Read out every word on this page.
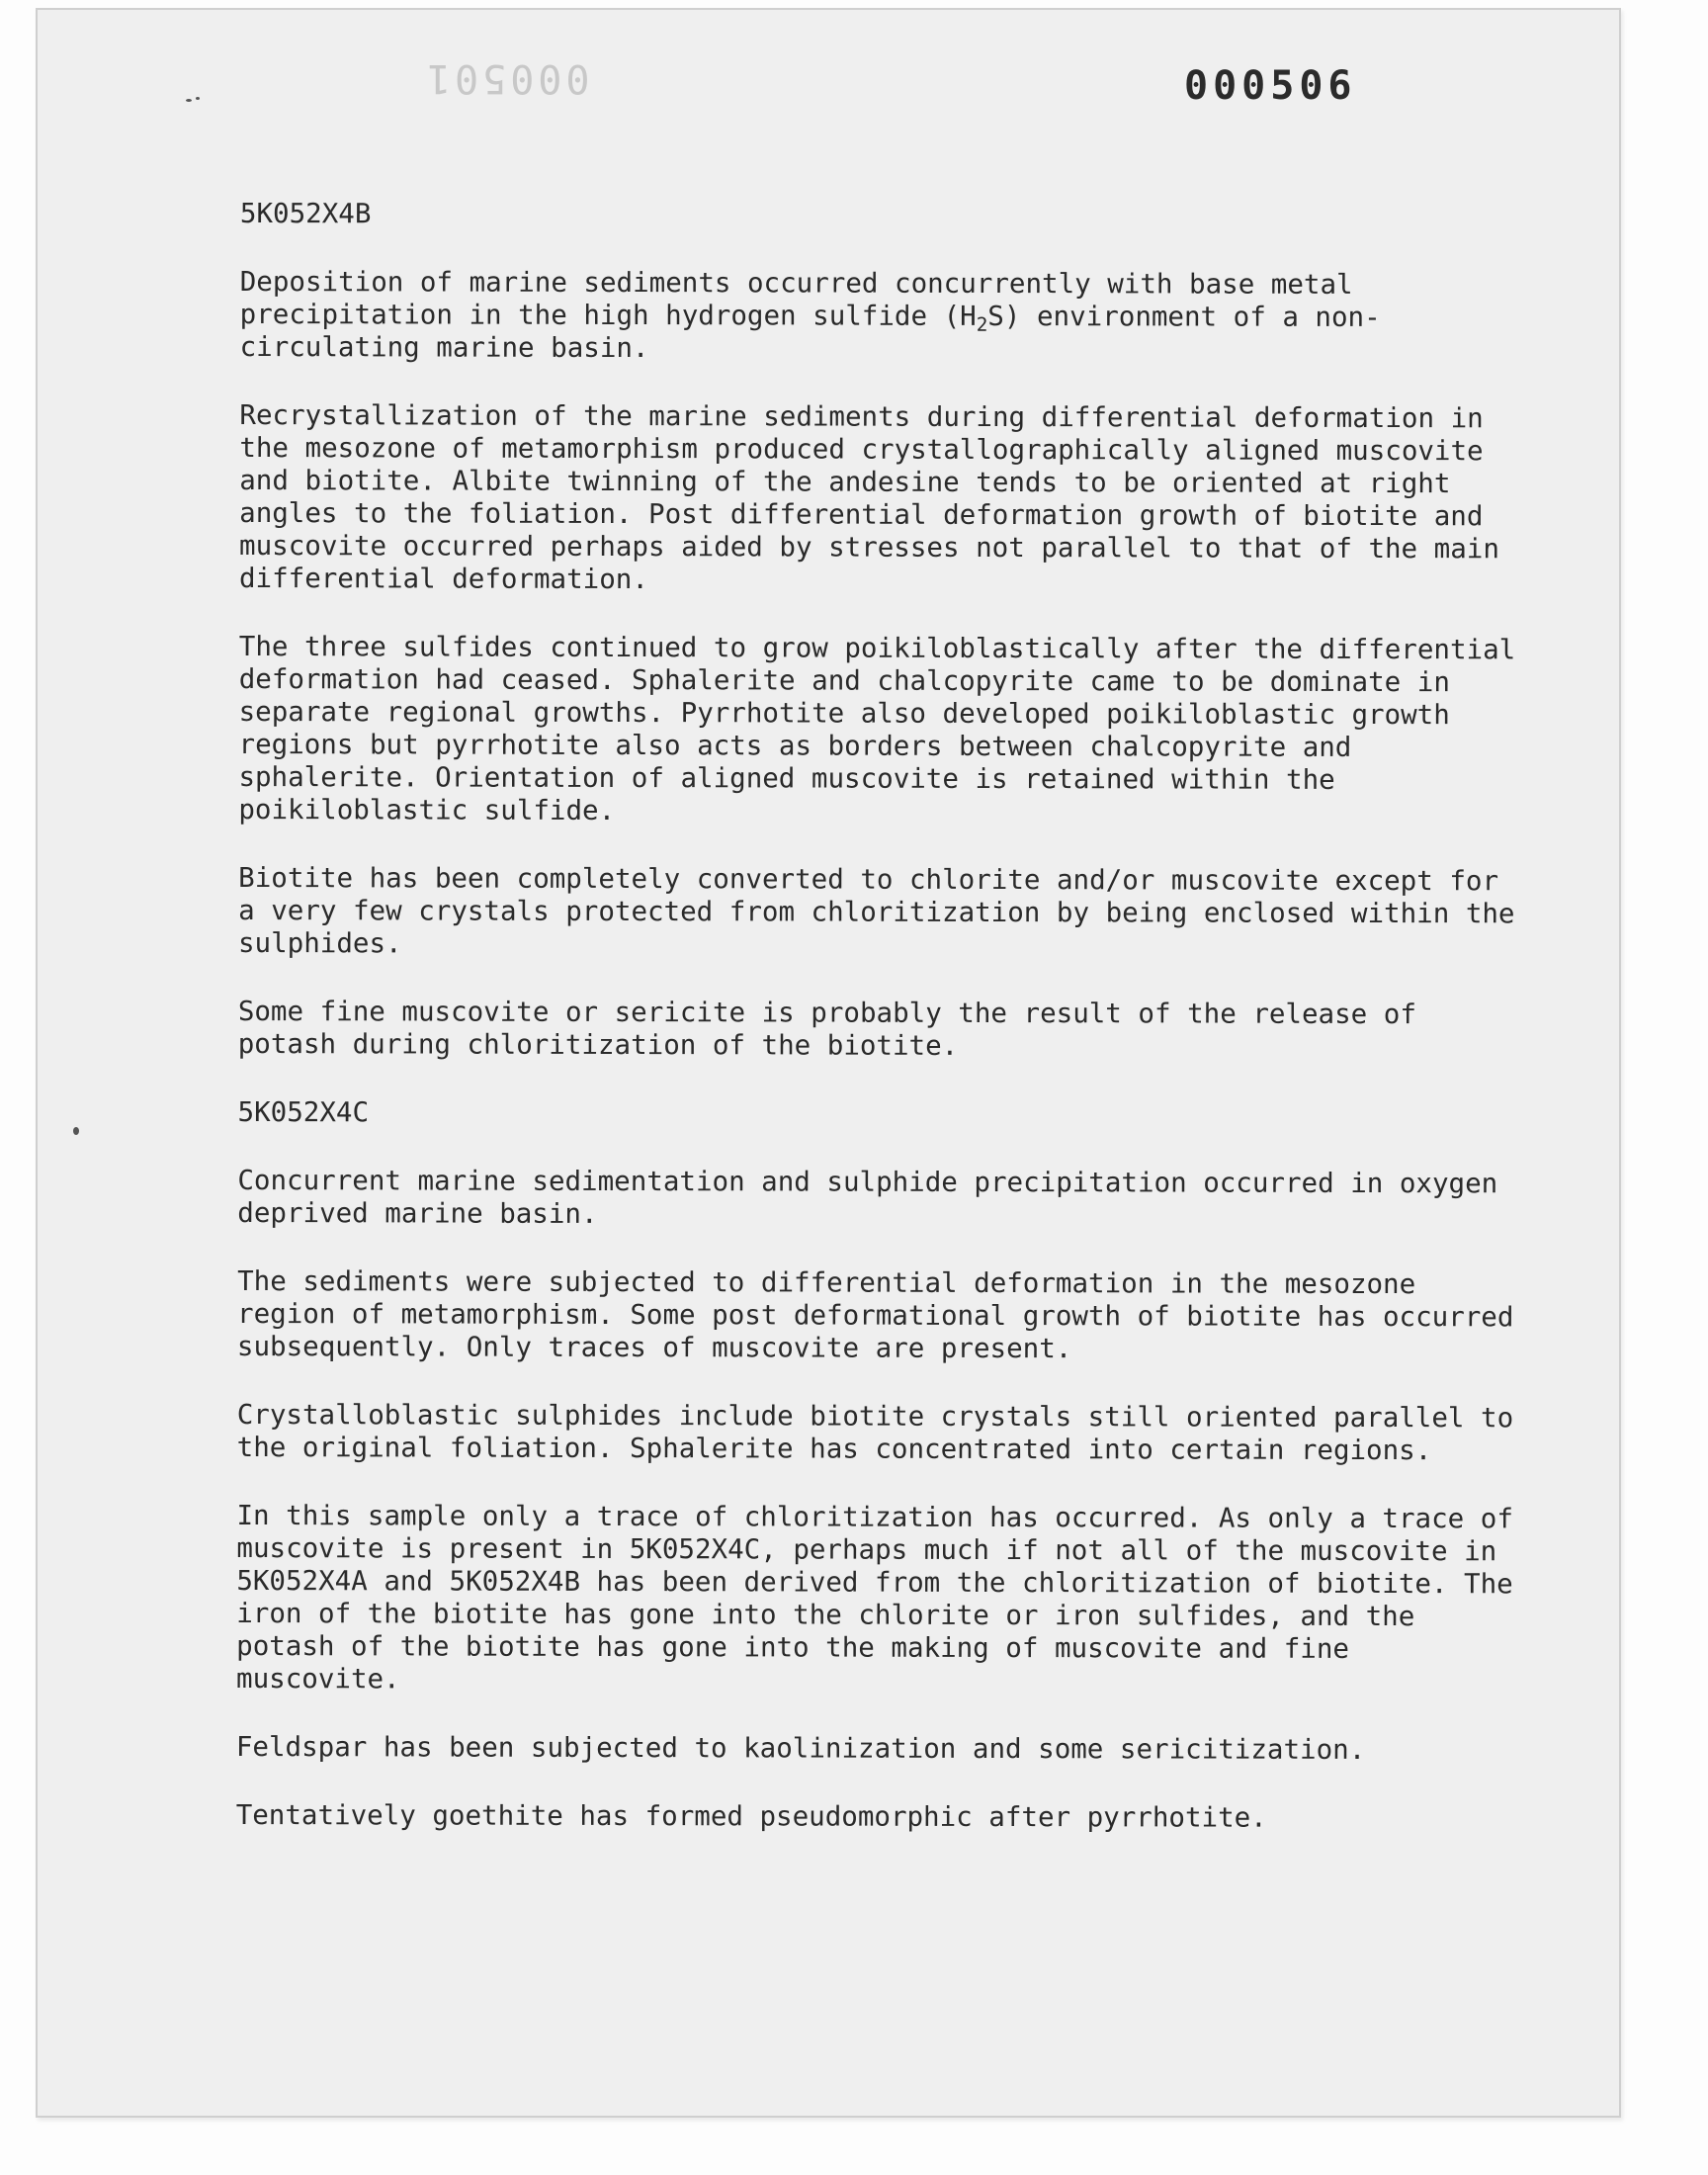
000501	000506

5K052X4B

Deposition of marine sediments occurred concurrently with base metal precipitation in the high hydrogen sulfide $(H_2S)$ environment of a non-circulating marine basin.

Recrystallization of the marine sediments during differential deformation in the mesozone of metamorphism produced crystallographically aligned muscovite and biotite. Albite twinning of the andesine tends to be oriented at right angles to the foliation. Post differential deformation growth of biotite and muscovite occurred perhaps aided by stresses not parallel to that of the main differential deformation.

The three sulfides continued to grow poikiloblastically after the differential deformation had ceased. Sphalerite and chalcopyrite came to be dominate in separate regional growths. Pyrrhotite also developed poikiloblastic growth regions but pyrrhotite also acts as borders between chalcopyrite and sphalerite. Orientation of aligned muscovite is retained within the poikiloblastic sulfide.

Biotite has been completely converted to chlorite and/or muscovite except for a very few crystals protected from chloritization by being enclosed within the sulphides.

Some fine muscovite or sericite is probably the result of the release of potash during chloritization of the biotite.

5K052X4C

Concurrent marine sedimentation and sulphide precipitation occurred in oxygen deprived marine basin.

The sediments were subjected to differential deformation in the mesozone region of metamorphism. Some post deformational growth of biotite has occurred subsequently. Only traces of muscovite are present.

Crystalloblastic sulphides include biotite crystals still oriented parallel to the original foliation. Sphalerite has concentrated into certain regions.

In this sample only a trace of chloritization has occurred. As only a trace of muscovite is present in 5K052X4C, perhaps much if not all of the muscovite in 5K052X4A and 5K052X4B has been derived from the chloritization of biotite. The iron of the biotite has gone into the chlorite or iron sulfides, and the potash of the biotite has gone into the making of muscovite and fine muscovite.

Feldspar has been subjected to kaolinization and some sericitization.

Tentatively goethite has formed pseudomorphic after pyrrhotite.
